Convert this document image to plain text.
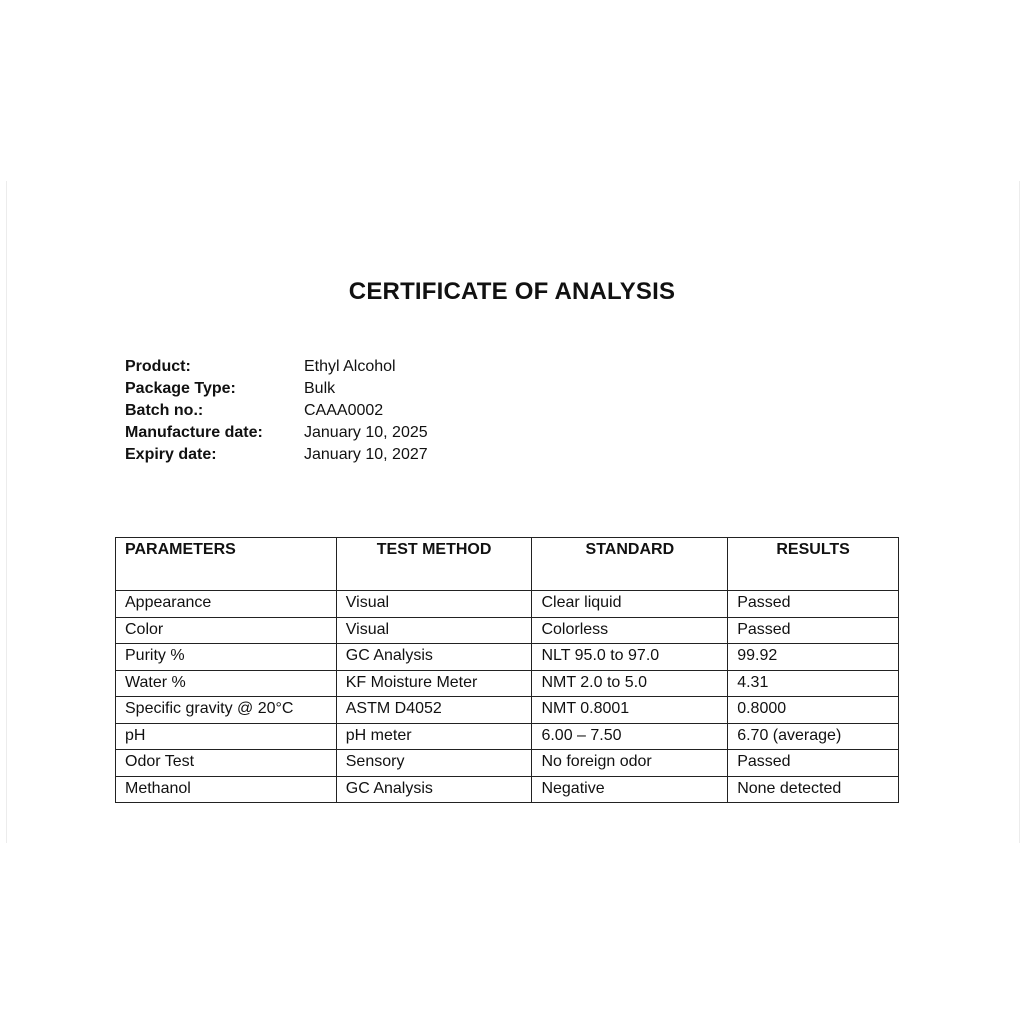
CERTIFICATE OF ANALYSIS
Product:	Ethyl Alcohol
Package Type:	Bulk
Batch no.:	CAAA0002
Manufacture date:	January 10, 2025
Expiry date:	January 10, 2027
PARAMETERS	TEST METHOD	STANDARD	RESULTS
Appearance	Visual	Clear liquid	Passed
Color	Visual	Colorless	Passed
Purity %	GC Analysis	NLT 95.0 to 97.0	99.92
Water %	KF Moisture Meter	NMT 2.0 to 5.0	4.31
Specific gravity @ 20°C	ASTM D4052	NMT 0.8001	0.8000
pH	pH meter	6.00 – 7.50	6.70 (average)
Odor Test	Sensory	No foreign odor	Passed
Methanol	GC Analysis	Negative	None detected
